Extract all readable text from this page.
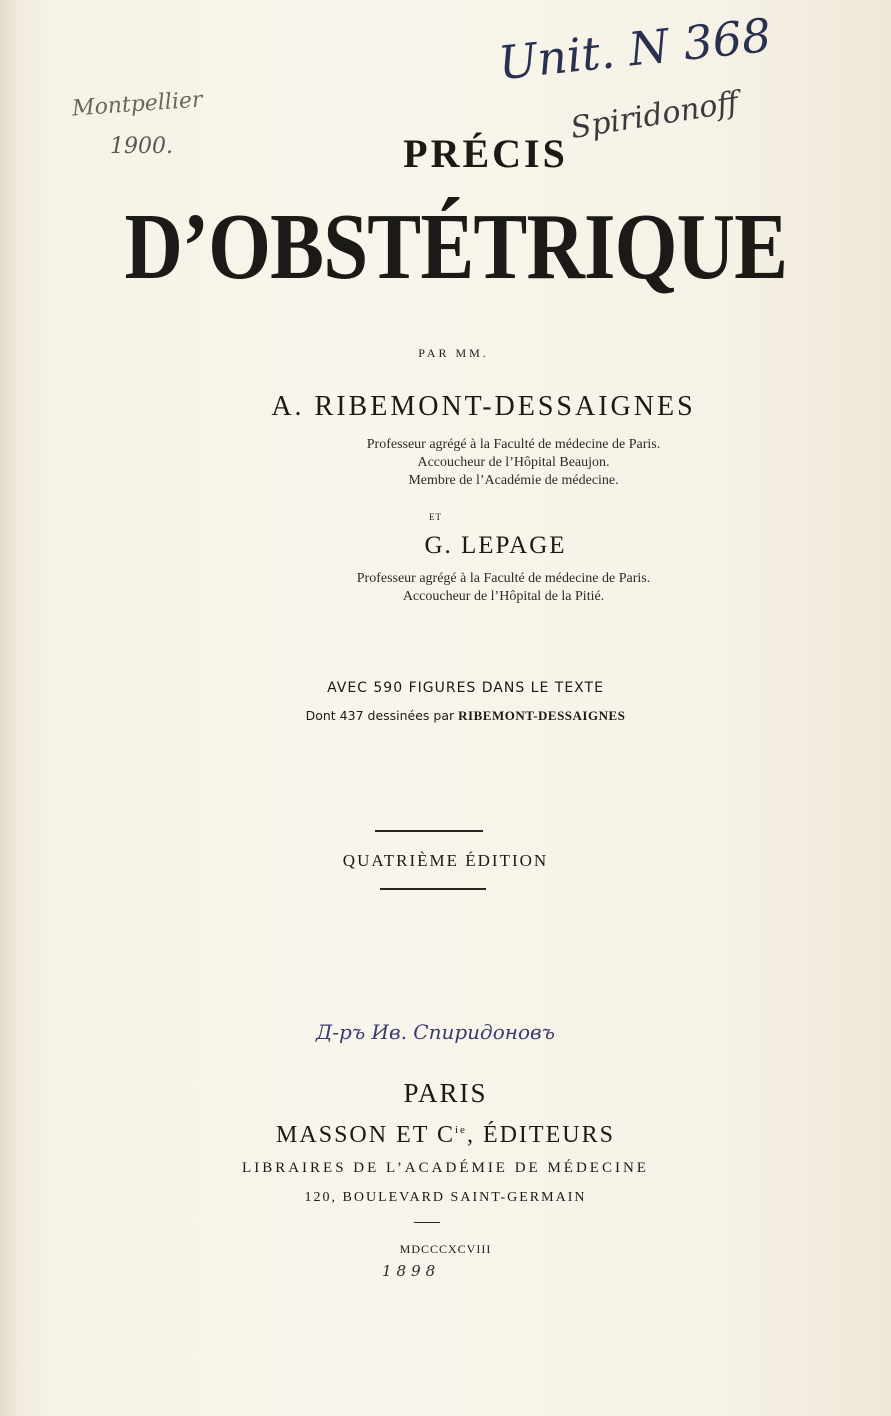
Montpellier
1900.
Unit. N 368
Spiridonoff
PRÉCIS
D’OBSTÉTRIQUE
PAR MM.
A. RIBEMONT-DESSAIGNES
Professeur agrégé à la Faculté de médecine de Paris.
Accoucheur de l’Hôpital Beaujon.
Membre de l’Académie de médecine.
ET
G. LEPAGE
Professeur agrégé à la Faculté de médecine de Paris.
Accoucheur de l’Hôpital de la Pitié.
AVEC 590 FIGURES DANS LE TEXTE
Dont 437 dessinées par RIBEMONT-DESSAIGNES
QUATRIÈME ÉDITION
Д-ръ Ив. Спиридоновъ
PARIS
MASSON ET $C^{ie}$, ÉDITEURS
LIBRAIRES DE L’ACADÉMIE DE MÉDECINE
120, BOULEVARD SAINT-GERMAIN
MDCCCXCVIII
1898
